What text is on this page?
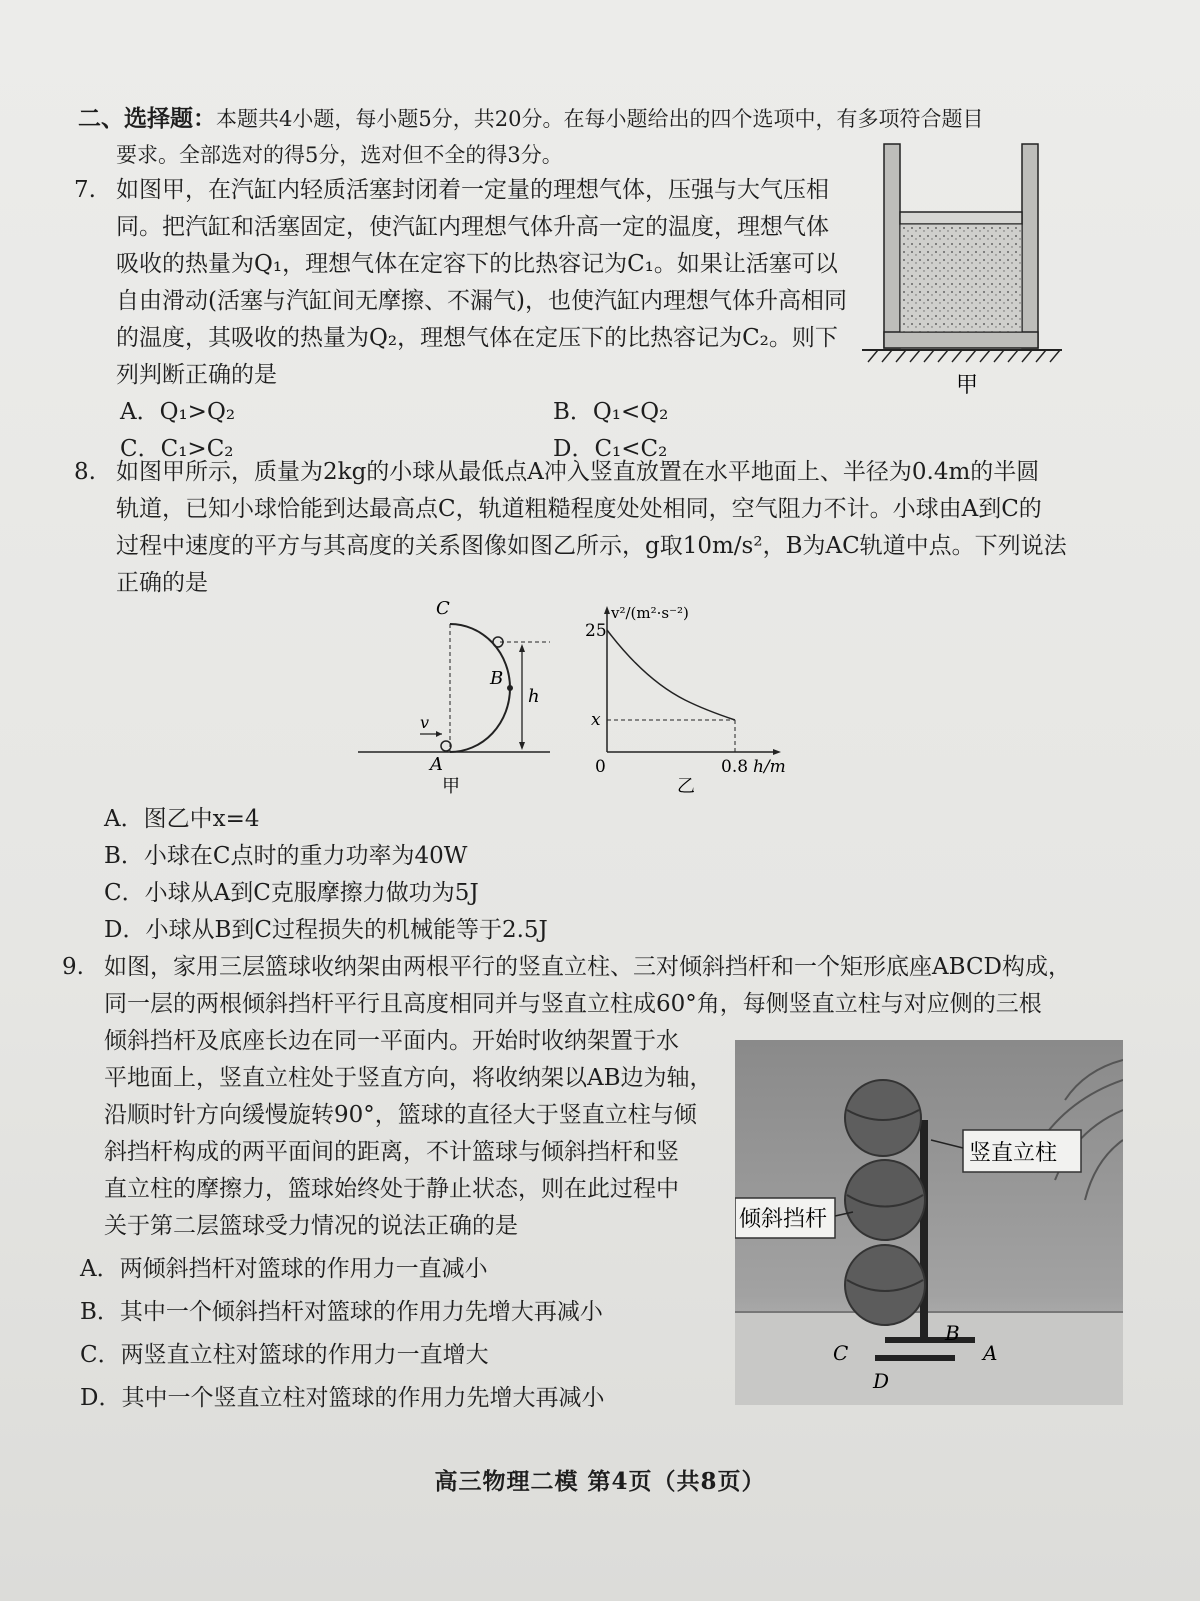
二、选择题：本题共4小题，每小题5分，共20分。在每小题给出的四个选项中，有多项符合题目
要求。全部选对的得5分，选对但不全的得3分。
7. 如图甲，在汽缸内轻质活塞封闭着一定量的理想气体，压强与大气压相
同。把汽缸和活塞固定，使汽缸内理想气体升高一定的温度，理想气体
吸收的热量为Q₁，理想气体在定容下的比热容记为C₁。如果让活塞可以
自由滑动(活塞与汽缸间无摩擦、不漏气)，也使汽缸内理想气体升高相同
的温度，其吸收的热量为Q₂，理想气体在定压下的比热容记为C₂。则下
列判断正确的是
A．Q₁>Q₂	B．Q₁<Q₂
C．C₁>C₂	D．C₁<C₂
甲
8. 如图甲所示，质量为2kg的小球从最低点A冲入竖直放置在水平地面上、半径为0.4m的半圆
轨道，已知小球恰能到达最高点C，轨道粗糙程度处处相同，空气阻力不计。小球由A到C的
过程中速度的平方与其高度的关系图像如图乙所示，g取10m/s²，B为AC轨道中点。下列说法
正确的是
C
B
A
v
h
甲
v²/(m²·s⁻²)
25
x
0	0.8 h/m
乙
A．图乙中x=4
B．小球在C点时的重力功率为40W
C．小球从A到C克服摩擦力做功为5J
D．小球从B到C过程损失的机械能等于2.5J
9. 如图，家用三层篮球收纳架由两根平行的竖直立柱、三对倾斜挡杆和一个矩形底座ABCD构成，
同一层的两根倾斜挡杆平行且高度相同并与竖直立柱成60°角，每侧竖直立柱与对应侧的三根
倾斜挡杆及底座长边在同一平面内。开始时收纳架置于水
平地面上，竖直立柱处于竖直方向，将收纳架以AB边为轴，
沿顺时针方向缓慢旋转90°，篮球的直径大于竖直立柱与倾
斜挡杆构成的两平面间的距离，不计篮球与倾斜挡杆和竖
直立柱的摩擦力，篮球始终处于静止状态，则在此过程中
关于第二层篮球受力情况的说法正确的是
A．两倾斜挡杆对篮球的作用力一直减小
B．其中一个倾斜挡杆对篮球的作用力先增大再减小
C．两竖直立柱对篮球的作用力一直增大
D．其中一个竖直立柱对篮球的作用力先增大再减小
竖直立柱
倾斜挡杆
B
A
C
D
高三物理二模 第4页（共8页）
